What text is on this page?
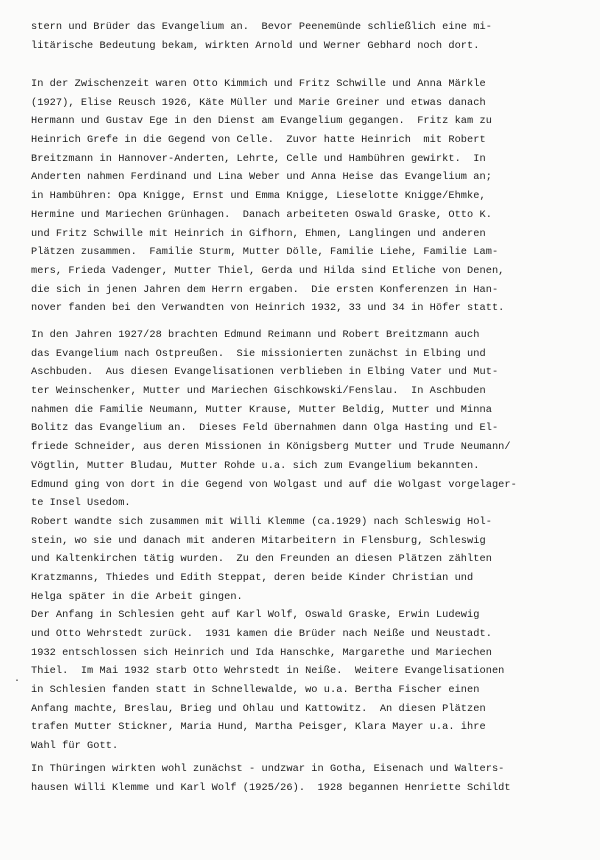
stern und Brüder das Evangelium an.  Bevor Peenemünde schließlich eine mi-
litärische Bedeutung bekam, wirkten Arnold und Werner Gebhard noch dort.
In der Zwischenzeit waren Otto Kimmich und Fritz Schwille und Anna Märkle
(1927), Elise Reusch 1926, Käte Müller und Marie Greiner und etwas danach
Hermann und Gustav Ege in den Dienst am Evangelium gegangen.  Fritz kam zu
Heinrich Grefe in die Gegend von Celle.  Zuvor hatte Heinrich  mit Robert
Breitzmann in Hannover-Anderten, Lehrte, Celle und Hambühren gewirkt.  In
Anderten nahmen Ferdinand und Lina Weber und Anna Heise das Evangelium an;
in Hambühren: Opa Knigge, Ernst und Emma Knigge, Lieselotte Knigge/Ehmke,
Hermine und Mariechen Grünhagen.  Danach arbeiteten Oswald Graske, Otto K.
und Fritz Schwille mit Heinrich in Gifhorn, Ehmen, Langlingen und anderen
Plätzen zusammen.  Familie Sturm, Mutter Dölle, Familie Liehe, Familie Lam-
mers, Frieda Vadenger, Mutter Thiel, Gerda und Hilda sind Etliche von Denen,
die sich in jenen Jahren dem Herrn ergaben.  Die ersten Konferenzen in Han-
nover fanden bei den Verwandten von Heinrich 1932, 33 und 34 in Höfer statt.
In den Jahren 1927/28 brachten Edmund Reimann und Robert Breitzmann auch
das Evangelium nach Ostpreußen.  Sie missionierten zunächst in Elbing und
Aschbuden.  Aus diesen Evangelisationen verblieben in Elbing Vater und Mut-
ter Weinschenker, Mutter und Mariechen Gischkowski/Fenslau.  In Aschbuden
nahmen die Familie Neumann, Mutter Krause, Mutter Beldig, Mutter und Minna
Bolitz das Evangelium an.  Dieses Feld übernahmen dann Olga Hasting und El-
friede Schneider, aus deren Missionen in Königsberg Mutter und Trude Neumann/
Vögtlin, Mutter Bludau, Mutter Rohde u.a. sich zum Evangelium bekannten.
Edmund ging von dort in die Gegend von Wolgast und auf die Wolgast vorgelager-
te Insel Usedom.
Robert wandte sich zusammen mit Willi Klemme (ca.1929) nach Schleswig Hol-
stein, wo sie und danach mit anderen Mitarbeitern in Flensburg, Schleswig
und Kaltenkirchen tätig wurden.  Zu den Freunden an diesen Plätzen zählten
Kratzmanns, Thiedes und Edith Steppat, deren beide Kinder Christian und
Helga später in die Arbeit gingen.
Der Anfang in Schlesien geht auf Karl Wolf, Oswald Graske, Erwin Ludewig
und Otto Wehrstedt zurück.  1931 kamen die Brüder nach Neiße und Neustadt.
1932 entschlossen sich Heinrich und Ida Hanschke, Margarethe und Mariechen
Thiel.  Im Mai 1932 starb Otto Wehrstedt in Neiße.  Weitere Evangelisationen
in Schlesien fanden statt in Schnellewalde, wo u.a. Bertha Fischer einen
Anfang machte, Breslau, Brieg und Ohlau und Kattowitz.  An diesen Plätzen
trafen Mutter Stickner, Maria Hund, Martha Peisger, Klara Mayer u.a. ihre
Wahl für Gott.
In Thüringen wirkten wohl zunächst - undzwar in Gotha, Eisenach und Walters-
hausen Willi Klemme und Karl Wolf (1925/26).  1928 begannen Henriette Schildt
·
